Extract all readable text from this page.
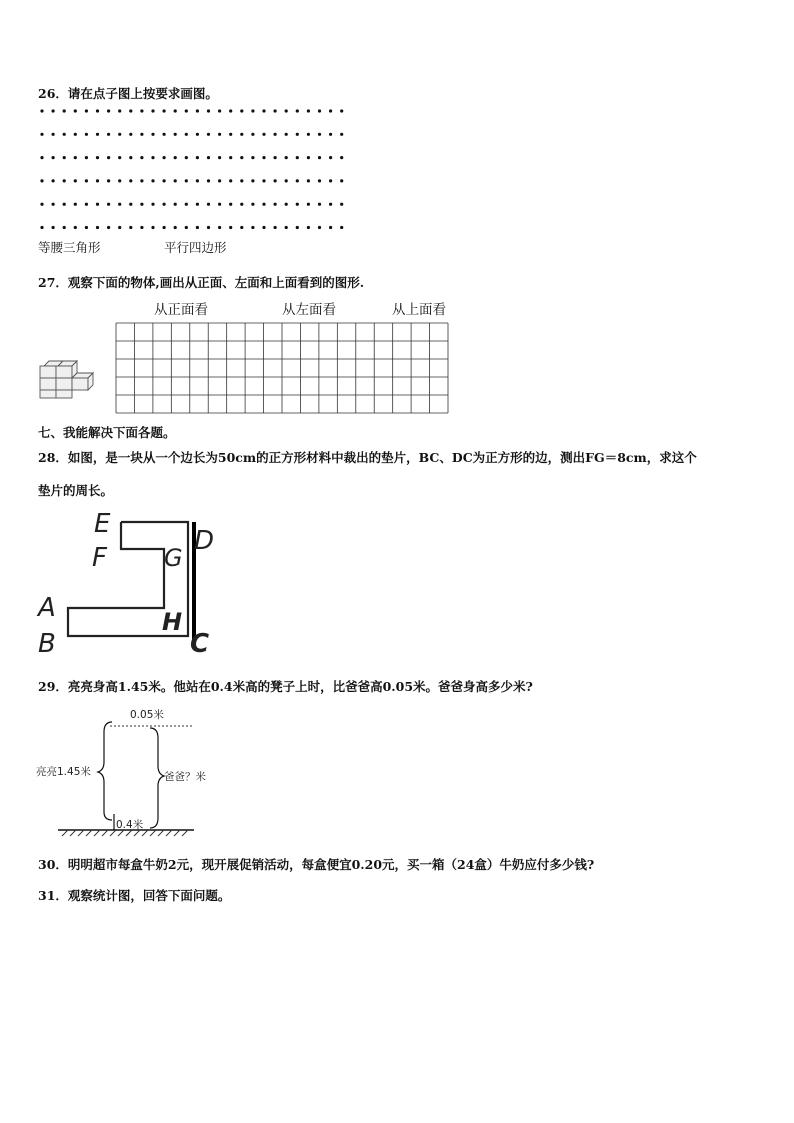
26．请在点子图上按要求画图。
等腰三角形	平行四边形
27．观察下面的物体,画出从正面、左面和上面看到的图形.
从正面看	从左面看	从上面看
七、我能解决下面各题。
28．如图，是一块从一个边长为50cm的正方形材料中裁出的垫片，BC、DC为正方形的边，测出FG＝8cm，求这个
垫片的周长。
E
F G
D
A
B
H
C
29．亮亮身高1.45米。他站在0.4米高的凳子上时，比爸爸高0.05米。爸爸身高多少米?
0.05米
亮亮1.45米	爸爸？米
0.4米
30．明明超市每盒牛奶2元，现开展促销活动，每盒便宜0.20元，买一箱（24盒）牛奶应付多少钱?
31．观察统计图，回答下面问题。
